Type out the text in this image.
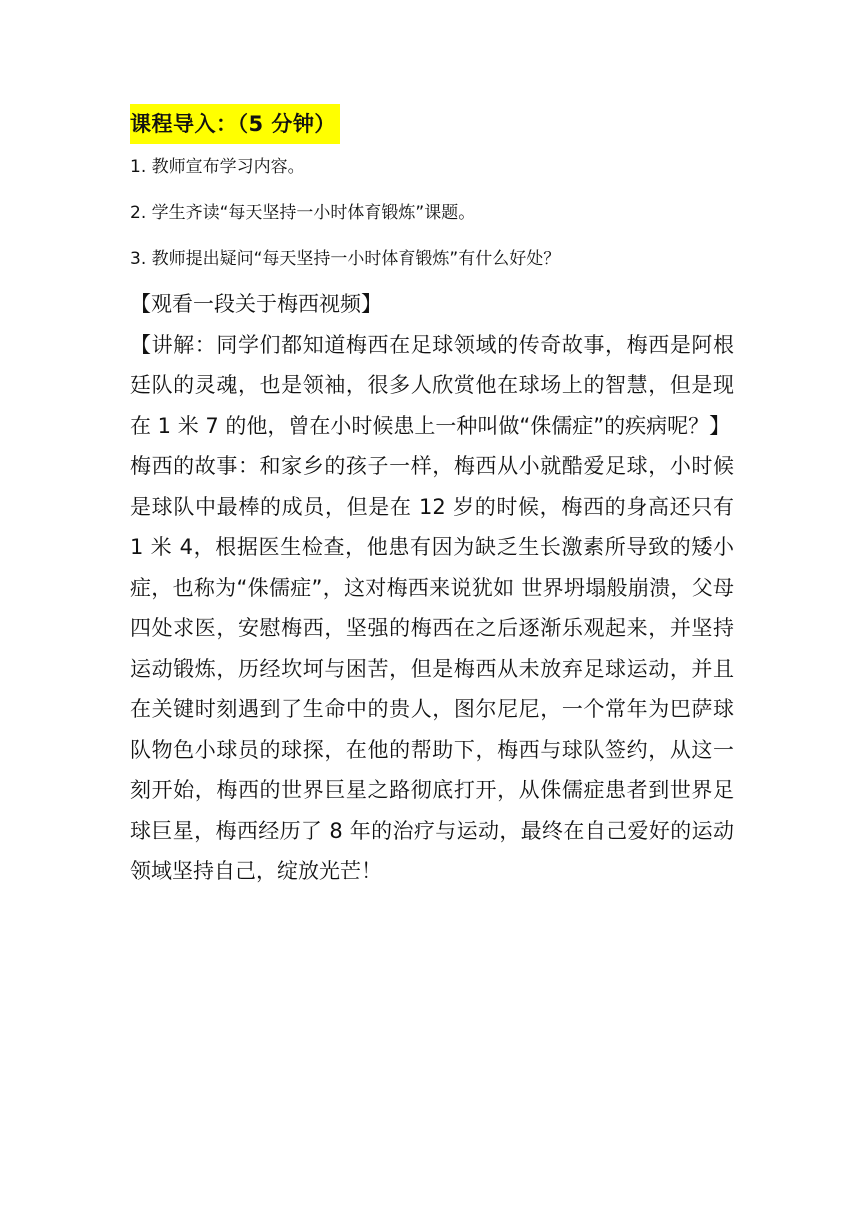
课程导入：（5 分钟）
1. 教师宣布学习内容。
2. 学生齐读“每天坚持一小时体育锻炼”课题。
3. 教师提出疑问“每天坚持一小时体育锻炼”有什么好处？
【观看一段关于梅西视频】
【讲解：同学们都知道梅西在足球领域的传奇故事，梅西是阿根廷队的灵魂，也是领袖，很多人欣赏他在球场上的智慧，但是现在 1 米 7 的他，曾在小时候患上一种叫做“侏儒症”的疾病呢？】
梅西的故事：和家乡的孩子一样，梅西从小就酷爱足球，小时候是球队中最棒的成员，但是在 12 岁的时候，梅西的身高还只有 1 米 4，根据医生检查，他患有因为缺乏生长激素所导致的矮小症，也称为“侏儒症”，这对梅西来说犹如 世界坍塌般崩溃，父母四处求医，安慰梅西，坚强的梅西在之后逐渐乐观起来，并坚持运动锻炼，历经坎坷与困苦，但是梅西从未放弃足球运动，并且在关键时刻遇到了生命中的贵人，图尔尼尼，一个常年为巴萨球队物色小球员的球探，在他的帮助下，梅西与球队签约，从这一刻开始，梅西的世界巨星之路彻底打开，从侏儒症患者到世界足球巨星，梅西经历了 8 年的治疗与运动，最终在自己爱好的运动领域坚持自己，绽放光芒！
